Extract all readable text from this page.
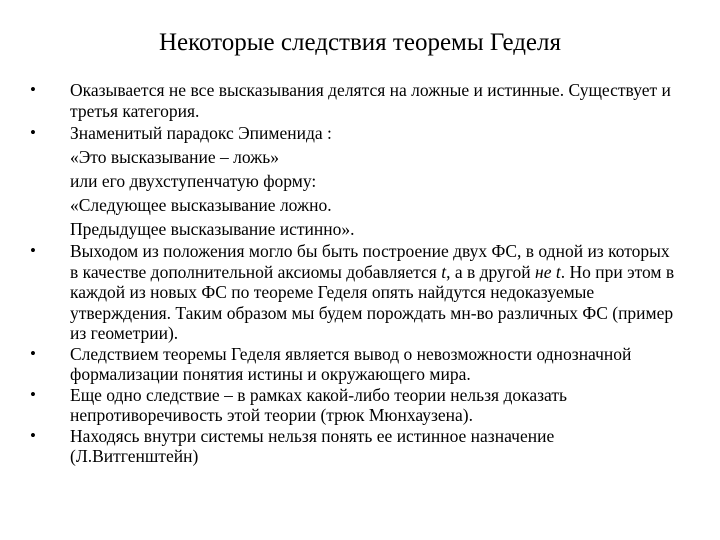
Некоторые следствия теоремы Геделя
•	Оказывается не все высказывания делятся на ложные и истинные. Существует и третья категория.
•	Знаменитый парадокс Эпименида :
«Это высказывание – ложь»
или его двухступенчатую форму:
«Следующее высказывание ложно.
Предыдущее высказывание истинно».
•	Выходом из положения могло бы быть построение двух ФС, в одной из которых в качестве дополнительной аксиомы добавляется t, а в другой не t. Но при этом в каждой из новых ФС по теореме Геделя опять найдутся недоказуемые утверждения. Таким образом мы будем порождать мн-во различных ФС (пример из геометрии).
•	Следствием теоремы Геделя является вывод о невозможности однозначной формализации понятия истины и окружающего мира.
•	Еще одно следствие – в рамках какой-либо теории нельзя доказать непротиворечивость этой теории (трюк Мюнхаузена).
•	Находясь внутри системы нельзя понять ее истинное назначение (Л.Витгенштейн)
